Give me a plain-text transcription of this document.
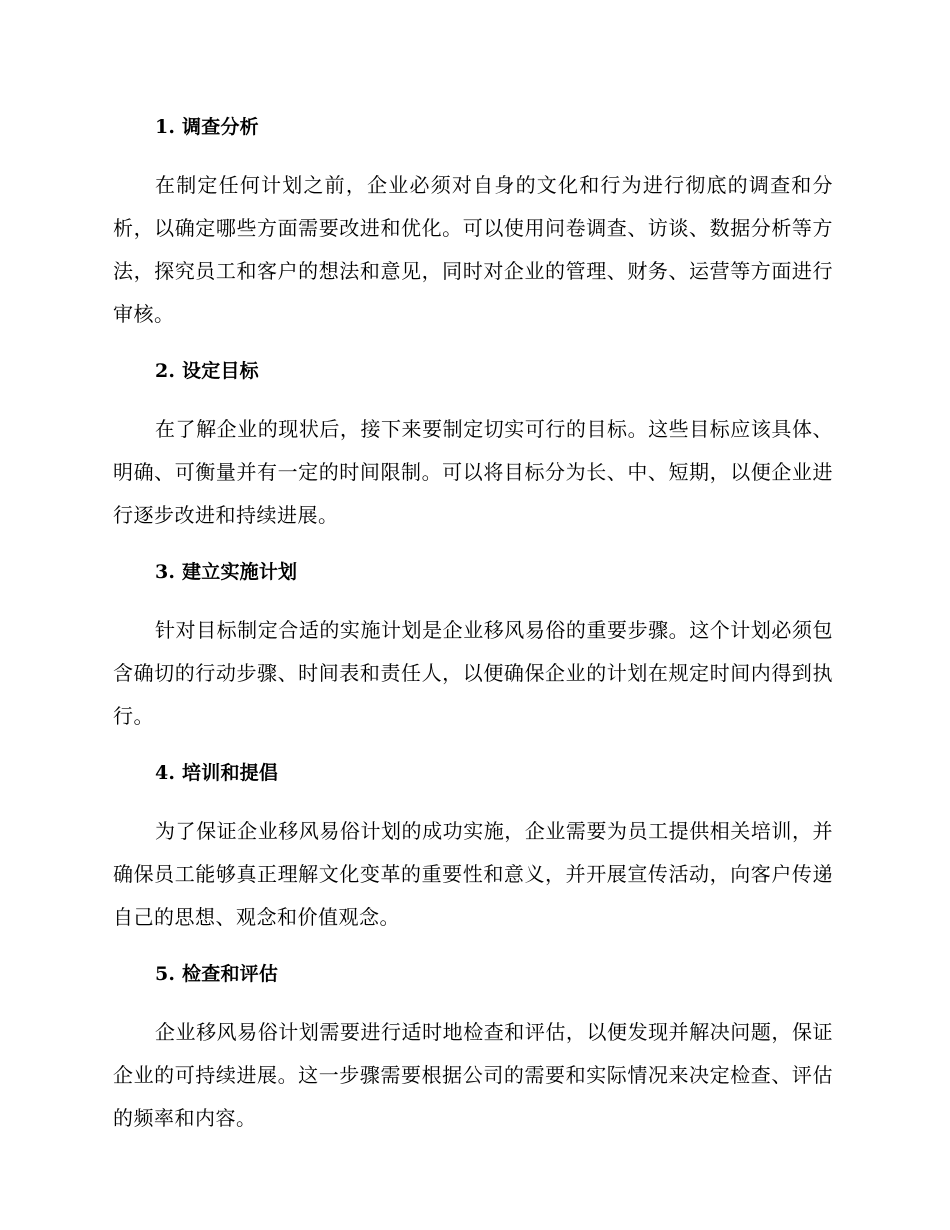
1. 调查分析

在制定任何计划之前，企业必须对自身的文化和行为进行彻底的调查和分析，以确定哪些方面需要改进和优化。可以使用问卷调查、访谈、数据分析等方法，探究员工和客户的想法和意见，同时对企业的管理、财务、运营等方面进行审核。

2. 设定目标

在了解企业的现状后，接下来要制定切实可行的目标。这些目标应该具体、明确、可衡量并有一定的时间限制。可以将目标分为长、中、短期，以便企业进行逐步改进和持续进展。

3. 建立实施计划

针对目标制定合适的实施计划是企业移风易俗的重要步骤。这个计划必须包含确切的行动步骤、时间表和责任人，以便确保企业的计划在规定时间内得到执行。

4. 培训和提倡

为了保证企业移风易俗计划的成功实施，企业需要为员工提供相关培训，并确保员工能够真正理解文化变革的重要性和意义，并开展宣传活动，向客户传递自己的思想、观念和价值观念。

5. 检查和评估

企业移风易俗计划需要进行适时地检查和评估，以便发现并解决问题，保证企业的可持续进展。这一步骤需要根据公司的需要和实际情况来决定检查、评估的频率和内容。
